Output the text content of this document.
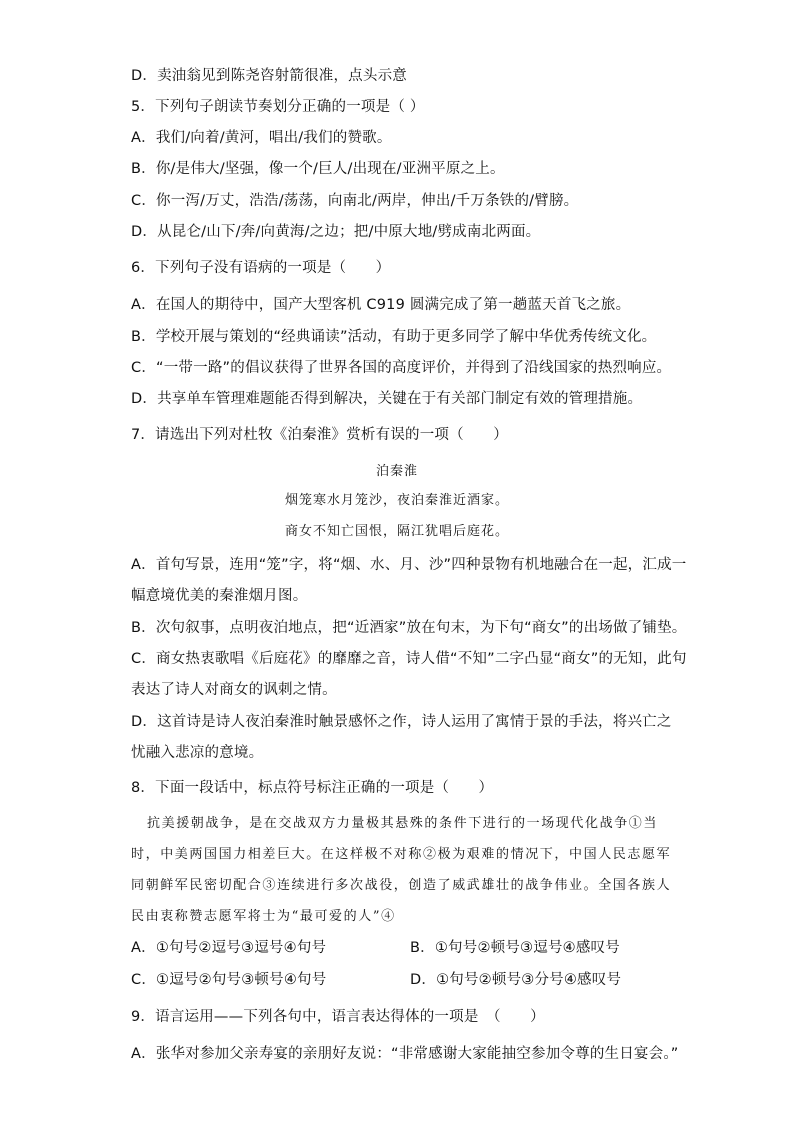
D．卖油翁见到陈尧咨射箭很准，点头示意
5．下列句子朗读节奏划分正确的一项是（ ）
A．我们/向着/黄河，唱出/我们的赞歌。
B．你/是伟大/坚强，像一个/巨人/出现在/亚洲平原之上。
C．你一泻/万丈，浩浩/荡荡，向南北/两岸，伸出/千万条铁的/臂膀。
D．从昆仑/山下/奔/向黄海/之边；把/中原大地/劈成南北两面。
6．下列句子没有语病的一项是（　　）
A．在国人的期待中，国产大型客机 C919 圆满完成了第一趟蓝天首飞之旅。
B．学校开展与策划的“经典诵读”活动，有助于更多同学了解中华优秀传统文化。
C．“一带一路”的倡议获得了世界各国的高度评价，并得到了沿线国家的热烈响应。
D．共享单车管理难题能否得到解决，关键在于有关部门制定有效的管理措施。
7．请选出下列对杜牧《泊秦淮》赏析有误的一项（　　）
泊秦淮
烟笼寒水月笼沙，夜泊秦淮近酒家。
商女不知亡国恨，隔江犹唱后庭花。
A．首句写景，连用“笼”字，将“烟、水、月、沙”四种景物有机地融合在一起，汇成一
幅意境优美的秦淮烟月图。
B．次句叙事，点明夜泊地点，把“近酒家”放在句末，为下句“商女”的出场做了铺垫。
C．商女热衷歌唱《后庭花》的靡靡之音，诗人借“不知”二字凸显“商女”的无知，此句
表达了诗人对商女的讽刺之情。
D．这首诗是诗人夜泊秦淮时触景感怀之作，诗人运用了寓情于景的手法，将兴亡之
忧融入悲凉的意境。
8．下面一段话中，标点符号标注正确的一项是（　　）
抗美援朝战争，是在交战双方力量极其悬殊的条件下进行的一场现代化战争①当
时，中美两国国力相差巨大。在这样极不对称②极为艰难的情况下，中国人民志愿军
同朝鲜军民密切配合③连续进行多次战役，创造了威武雄壮的战争伟业。全国各族人
民由衷称赞志愿军将士为“最可爱的人”④
A．①句号②逗号③逗号④句号	B．①句号②顿号③逗号④感叹号
C．①逗号②句号③顿号④句号	D．①句号②顿号③分号④感叹号
9．语言运用——下列各句中，语言表达得体的一项是　（　　）
A．张华对参加父亲寿宴的亲朋好友说：“非常感谢大家能抽空参加令尊的生日宴会。”
